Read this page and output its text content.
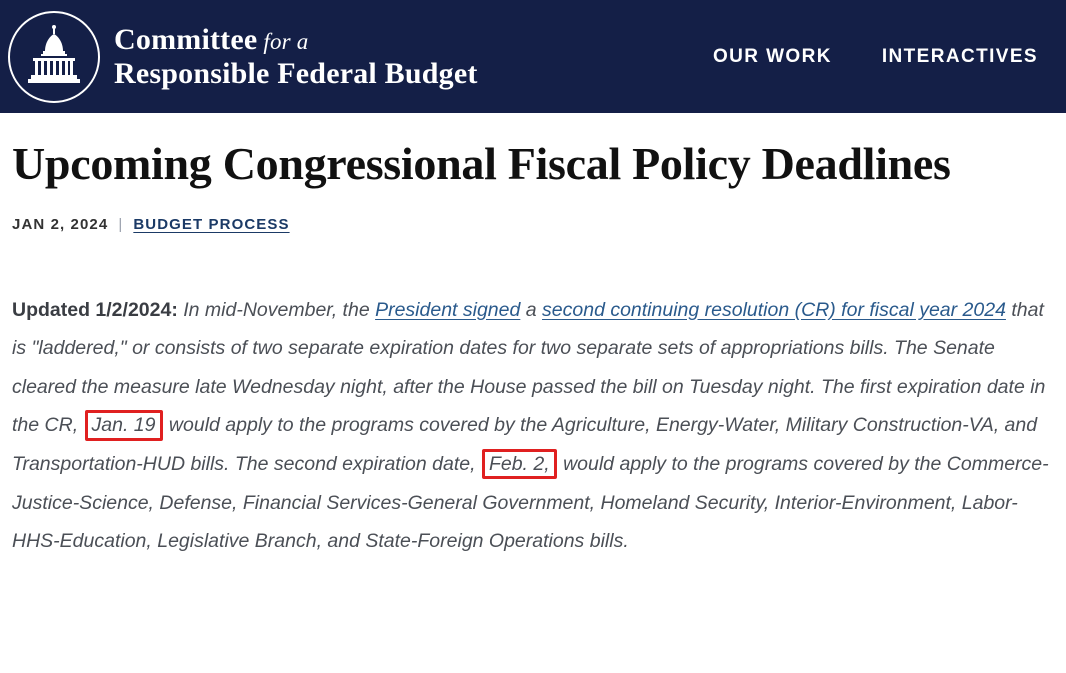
Committee for a
Responsible Federal Budget
OUR WORK	INTERACTIVES
Upcoming Congressional Fiscal Policy Deadlines
JAN 2, 2024 | BUDGET PROCESS
Updated 1/2/2024: In mid-November, the President signed a second continuing resolution (CR) for fiscal year 2024 that is "laddered," or consists of two separate expiration dates for two separate sets of appropriations bills. The Senate cleared the measure late Wednesday night, after the House passed the bill on Tuesday night. The first expiration date in the CR, Jan. 19 would apply to the programs covered by the Agriculture, Energy-Water, Military Construction-VA, and Transportation-HUD bills. The second expiration date, Feb. 2, would apply to the programs covered by the Commerce-Justice-Science, Defense, Financial Services-General Government, Homeland Security, Interior-Environment, Labor-HHS-Education, Legislative Branch, and State-Foreign Operations bills.
